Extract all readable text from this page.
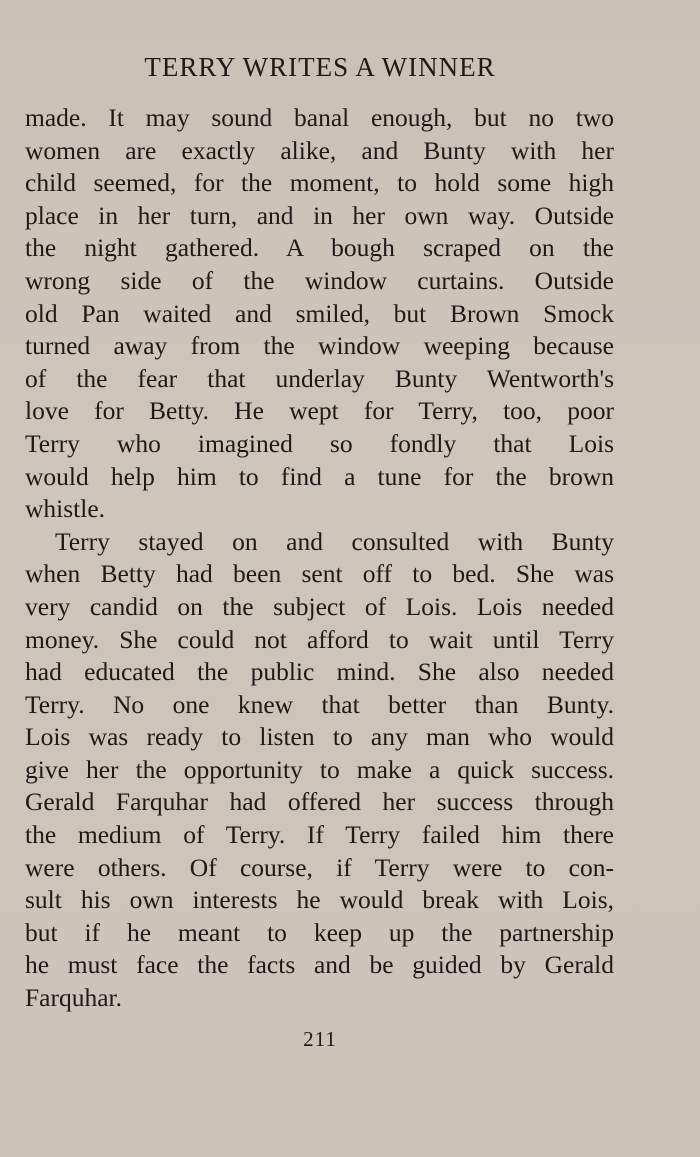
TERRY WRITES A WINNER
made. It may sound banal enough, but no two
women are exactly alike, and Bunty with her
child seemed, for the moment, to hold some high
place in her turn, and in her own way. Outside
the night gathered. A bough scraped on the
wrong side of the window curtains. Outside
old Pan waited and smiled, but Brown Smock
turned away from the window weeping because
of the fear that underlay Bunty Wentworth's
love for Betty. He wept for Terry, too, poor
Terry who imagined so fondly that Lois
would help him to find a tune for the brown
whistle.
Terry stayed on and consulted with Bunty
when Betty had been sent off to bed. She was
very candid on the subject of Lois. Lois needed
money. She could not afford to wait until Terry
had educated the public mind. She also needed
Terry. No one knew that better than Bunty.
Lois was ready to listen to any man who would
give her the opportunity to make a quick success.
Gerald Farquhar had offered her success through
the medium of Terry. If Terry failed him there
were others. Of course, if Terry were to con-
sult his own interests he would break with Lois,
but if he meant to keep up the partnership
he must face the facts and be guided by Gerald
Farquhar.
211
